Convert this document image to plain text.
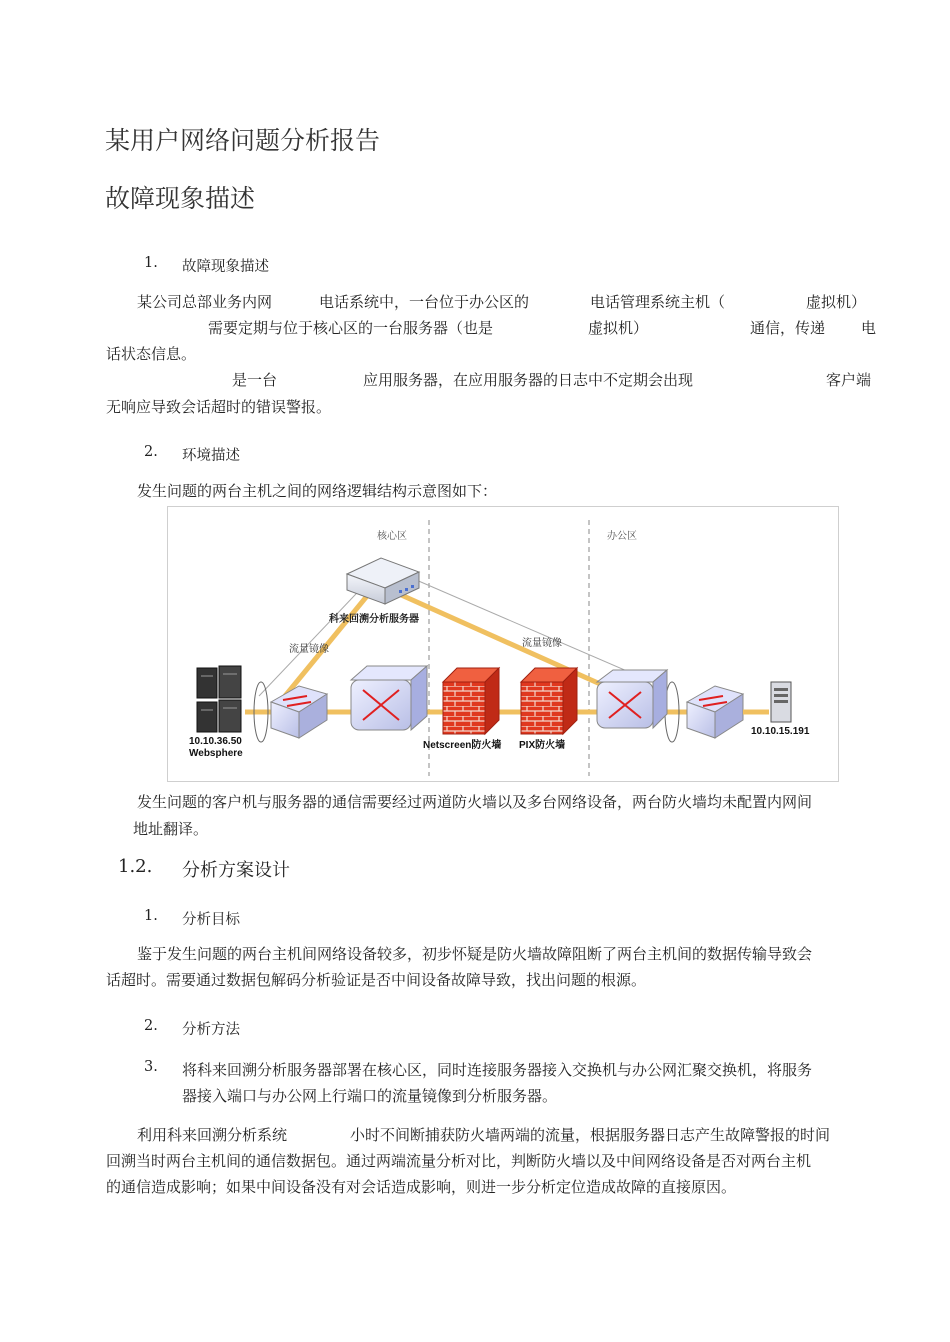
某用户网络问题分析报告
故障现象描述
1. 故障现象描述
某公司总部业务内网	电话系统中，一台位于办公区的	电话管理系统主机（	虚拟机）
需要定期与位于核心区的一台服务器（也是	虚拟机）	通信，传递 电
话状态信息。
是一台	应用服务器，在应用服务器的日志中不定期会出现	客户端
无响应导致会话超时的错误警报。
2. 环境描述
发生问题的两台主机之间的网络逻辑结构示意图如下：
核心区	办公区
科来回溯分析服务器
流量镜像
流量镜像
10.10.36.50
Websphere
Netscreen防火墙 PIX防火墙
10.10.15.191
发生问题的客户机与服务器的通信需要经过两道防火墙以及多台网络设备，两台防火墙均未配置内网间
地址翻译。
1.2. 分析方案设计
1. 分析目标
鉴于发生问题的两台主机间网络设备较多，初步怀疑是防火墙故障阻断了两台主机间的数据传输导致会
话超时。需要通过数据包解码分析验证是否中间设备故障导致，找出问题的根源。
2. 分析方法
3. 将科来回溯分析服务器部署在核心区，同时连接服务器接入交换机与办公网汇聚交换机，将服务
器接入端口与办公网上行端口的流量镜像到分析服务器。
利用科来回溯分析系统	小时不间断捕获防火墙两端的流量，根据服务器日志产生故障警报的时间
回溯当时两台主机间的通信数据包。通过两端流量分析对比，判断防火墙以及中间网络设备是否对两台主机
的通信造成影响；如果中间设备没有对会话造成影响，则进一步分析定位造成故障的直接原因。
